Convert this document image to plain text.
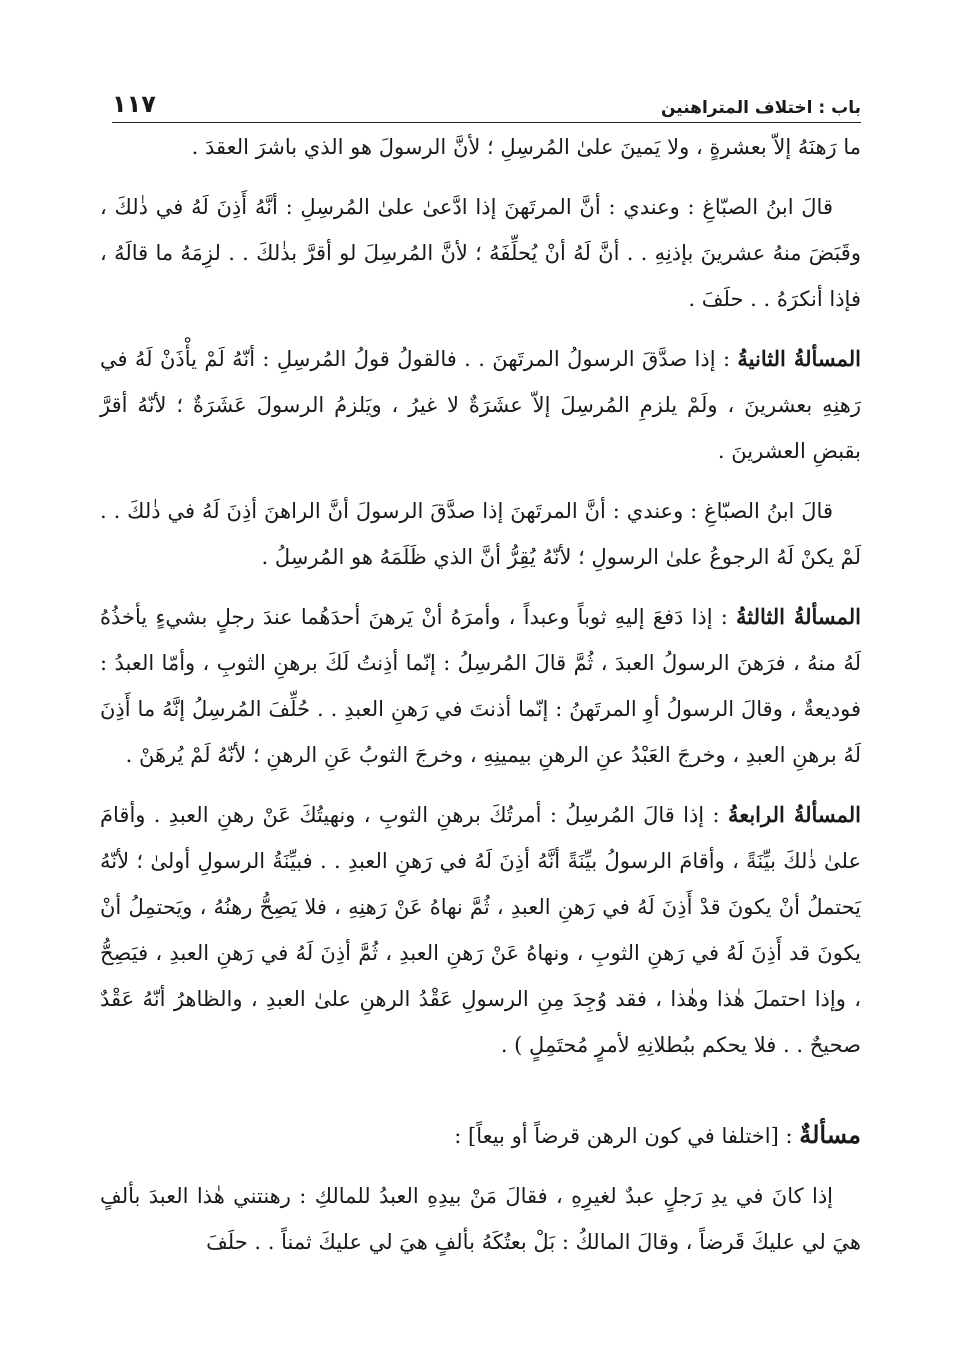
باب : اختلاف المتراهنين
١١٧

ما رَهنَهُ إلاّ بعشرةٍ ، ولا يَمينَ علىٰ المُرسِلِ ؛ لأنَّ الرسولَ هو الذي باشرَ العقدَ .

قالَ ابنُ الصبّاغِ : وعندي : أنَّ المرتَهنَ إذا ادَّعىٰ علىٰ المُرسِلِ : أنَّهُ أَذِنَ لَهُ في ذٰلكَ ، وقَبَضَ منهُ عشرينَ بإذنِهِ . . أنَّ لَهُ أنْ يُحلِّفَهُ ؛ لأنَّ المُرسِلَ لو أقرَّ بذٰلكَ . . لزِمَهُ ما قالَهُ ، فإذا أنكرَهُ . . حلَفَ .

المسألةُ الثانيةُ : إذا صدَّقَ الرسولُ المرتَهنَ . . فالقولُ قولُ المُرسِلِ : أنّهُ لَمْ يأْذَنْ لَهُ في رَهنِهِ بعشرينَ ، ولَمْ يلزمِ المُرسِلَ إلاّ عشَرَةٌ لا غيرُ ، ويَلزمُ الرسولَ عَشَرَةٌ ؛ لأنّهُ أقرَّ بقبضِ العشرينَ .

قالَ ابنُ الصبّاغِ : وعندي : أنَّ المرتَهنَ إذا صدَّقَ الرسولَ أنَّ الراهنَ أذِنَ لَهُ في ذٰلكَ . . لَمْ يكنْ لَهُ الرجوعُ علىٰ الرسولِ ؛ لأنّهُ يُقِرُّ أنَّ الذي ظَلَمَهُ هو المُرسِلُ .

المسألةُ الثالثةُ : إذا دَفعَ إليهِ ثوباً وعبداً ، وأمرَهُ أنْ يَرهنَ أحدَهُما عندَ رجلٍ بشيءٍ يأخذُهُ لَهُ منهُ ، فرَهنَ الرسولُ العبدَ ، ثُمَّ قالَ المُرسِلُ : إنّما أذِنتُ لَكَ برهنِ الثوبِ ، وأمّا العبدُ : فوديعةٌ ، وقالَ الرسولُ أوِ المرتَهنُ : إنّما أذنتَ في رَهنِ العبدِ . . حُلِّفَ المُرسِلُ إنَّهُ ما أَذِنَ لَهُ برهنِ العبدِ ، وخرجَ العَبْدُ عنِ الرهنِ بيمينِهِ ، وخرجَ الثوبُ عَنِ الرهنِ ؛ لأنّهُ لَمْ يُرهَنْ .

المسألةُ الرابعةُ : إذا قالَ المُرسِلُ : أمرتُكَ برهنِ الثوبِ ، ونهيتُكَ عَنْ رهنِ العبدِ . وأقامَ علىٰ ذٰلكَ بيِّنَةً ، وأقامَ الرسولُ بيِّنَةً أنَّهُ أذِنَ لَهُ في رَهنِ العبدِ . . فبيِّنَةُ الرسولِ أولىٰ ؛ لأنّهُ يَحتملُ أنْ يكونَ قدْ أَذِنَ لَهُ في رَهنِ العبدِ ، ثُمَّ نهاهُ عَنْ رَهنِهِ ، فلا يَصِحُّ رهنُهُ ، ويَحتمِلُ أنْ يكونَ قد أَذِنَ لَهُ في رَهنِ الثوبِ ، ونهاهُ عَنْ رَهنِ العبدِ ، ثُمَّ أذِنَ لَهُ في رَهنِ العبدِ ، فيَصِحُّ ، وإذا احتملَ هٰذا وهٰذا ، فقد وُجِدَ مِنِ الرسولِ عَقْدُ الرهنِ علىٰ العبدِ ، والظاهرُ أنّهُ عَقْدٌ صحيحٌ . . فلا يحكم ببُطلانِهِ لأمرٍ مُحتَمِلٍ ) .

مسألةٌ : [اختلفا في كون الرهن قرضاً أو بيعاً] :

إذا كانَ في يدِ رَجلٍ عبدٌ لغيرِهِ ، فقالَ مَنْ بيدِهِ العبدُ للمالكِ : رهنتني هٰذا العبدَ بألفٍ هيَ لي عليكَ قَرضاً ، وقالَ المالكُ : بَلْ بعتُكَهُ بألفٍ هيَ لي عليكَ ثمناً . . حلَفَ
